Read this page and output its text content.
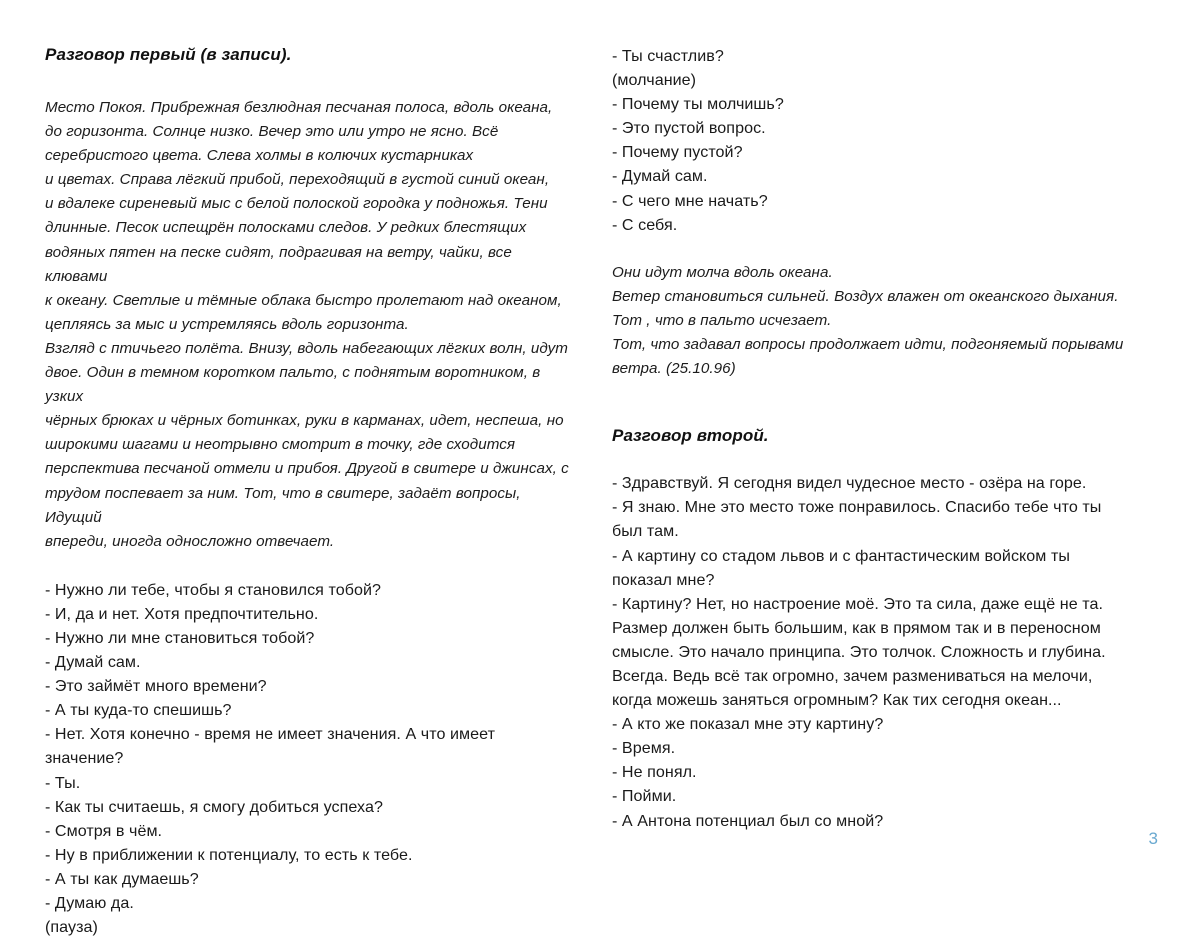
Разговор первый (в записи).
Место Покоя. Прибрежная безлюдная песчаная полоса, вдоль океана,
до горизонта. Солнце низко. Вечер это или утро не ясно. Всё
серебристого цвета. Слева холмы в колючих кустарниках
и цветах. Справа лёгкий прибой, переходящий в густой синий океан,
и вдалеке сиреневый мыс с белой полоской городка у подножья. Тени
длинные. Песок испещрён полосками следов. У редких блестящих
водяных пятен на песке сидят, подрагивая на ветру, чайки, все клювами
к океану. Светлые и тёмные облака быстро пролетают над океаном,
цепляясь за мыс и устремляясь вдоль горизонта.
Взгляд с птичьего полёта. Внизу, вдоль набегающих лёгких волн, идут
двое. Один в темном коротком пальто, с поднятым воротником, в узких
чёрных брюках и чёрных ботинках, руки в карманах, идет, неспеша, но
широкими шагами и неотрывно смотрит в точку, где сходится
перспектива песчаной отмели и прибоя. Другой в свитере и джинсах, с
трудом поспевает за ним. Тот, что в свитере, задаёт вопросы, Идущий
впереди, иногда односложно отвечает.
- Нужно ли тебе, чтобы я становился тобой?
- И, да и нет. Хотя предпочтительно.
- Нужно ли мне становиться тобой?
- Думай сам.
- Это займёт много времени?
- А ты куда-то спешишь?
- Нет. Хотя конечно - время не имеет значения. А что имеет
значение?
- Ты.
- Как ты считаешь, я смогу добиться успеха?
- Смотря в чём.
- Ну в приближении к потенциалу, то есть к тебе.
- А ты как думаешь?
- Думаю да.
(пауза)
- Ты счастлив?
(молчание)
- Почему ты молчишь?
- Это пустой вопрос.
- Почему пустой?
- Думай сам.
- С чего мне начать?
- С себя.
Они идут молча вдоль океана.
Ветер становиться сильней. Воздух влажен от океанского дыхания.
Тот , что в пальто исчезает.
Тот, что задавал вопросы продолжает идти, подгоняемый порывами
ветра. (25.10.96)
Разговор второй.
- Здравствуй. Я сегодня видел чудесное место - озёра на горе.
- Я знаю. Мне это место тоже понравилось. Спасибо тебе что ты
был там.
- А картину со стадом львов и с фантастическим войском ты
показал мне?
- Картину? Нет, но настроение моё. Это та сила, даже ещё не та.
Размер должен быть большим, как в прямом так и в переносном
смысле. Это начало принципа. Это толчок. Сложность и глубина.
Всегда. Ведь всё так огромно, зачем размениваться на мелочи,
когда можешь заняться огромным? Как тих сегодня океан...
- А кто же показал мне эту картину?
- Время.
- Не понял.
- Пойми.
- А Антона потенциал был со мной?
3
